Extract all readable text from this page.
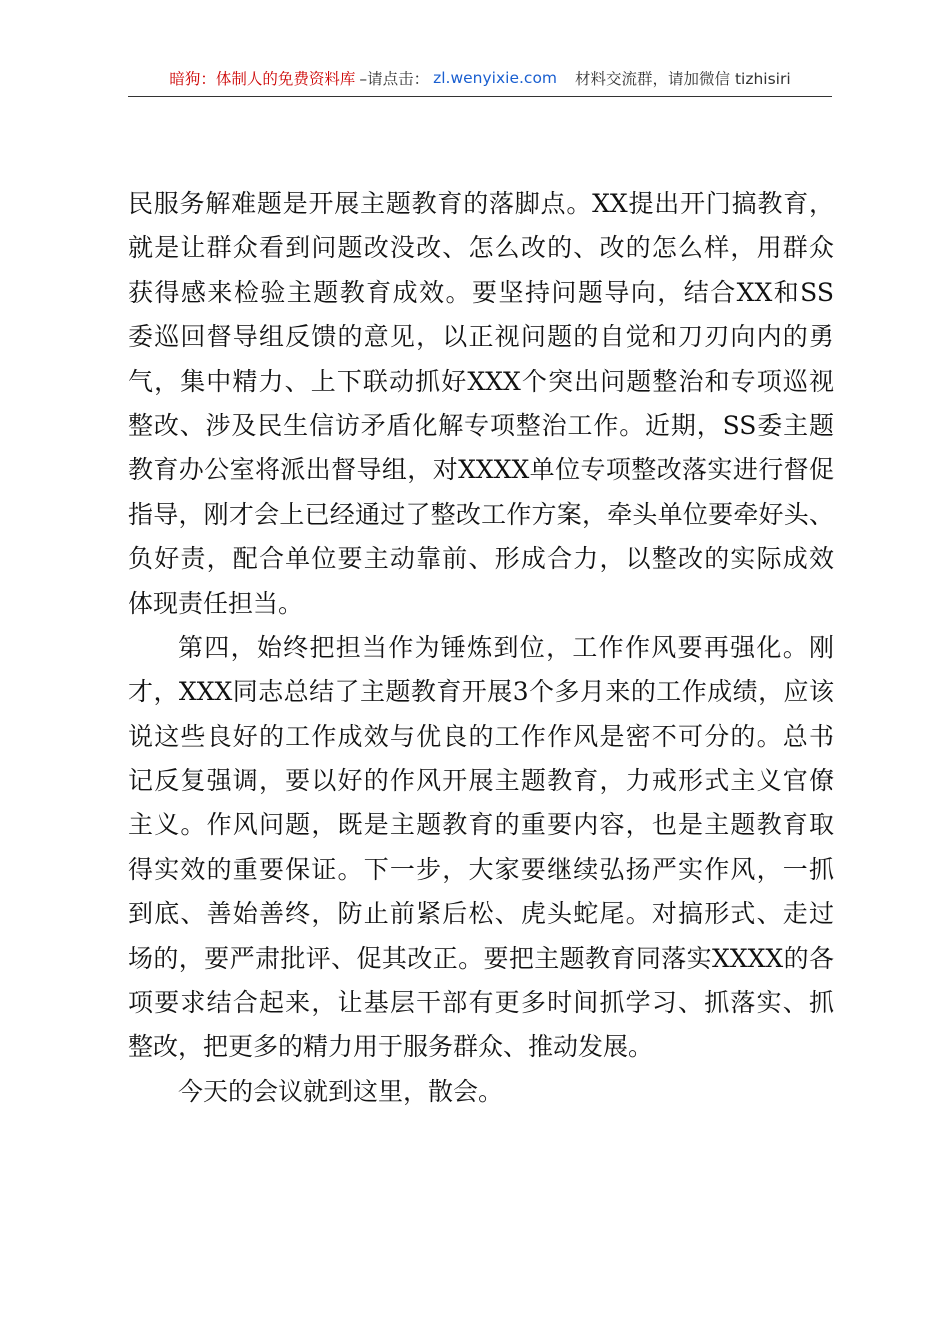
暗狗：体制人的免费资料库 –请点击： zl.wenyixie.com 材料交流群，请加微信 tizhisiri
民服务解难题是开展主题教育的落脚点。XX提出开门搞教育，
就是让群众看到问题改没改、怎么改的、改的怎么样，用群众
获得感来检验主题教育成效。要坚持问题导向，结合XX和SS
委巡回督导组反馈的意见，以正视问题的自觉和刀刃向内的勇
气，集中精力、上下联动抓好XXX个突出问题整治和专项巡视
整改、涉及民生信访矛盾化解专项整治工作。近期，SS委主题
教育办公室将派出督导组，对XXXX单位专项整改落实进行督促
指导，刚才会上已经通过了整改工作方案，牵头单位要牵好头、
负好责，配合单位要主动靠前、形成合力，以整改的实际成效
体现责任担当。
第四，始终把担当作为锤炼到位，工作作风要再强化。刚
才，XXX同志总结了主题教育开展3个多月来的工作成绩，应该
说这些良好的工作成效与优良的工作作风是密不可分的。总书
记反复强调，要以好的作风开展主题教育，力戒形式主义官僚
主义。作风问题，既是主题教育的重要内容，也是主题教育取
得实效的重要保证。下一步，大家要继续弘扬严实作风，一抓
到底、善始善终，防止前紧后松、虎头蛇尾。对搞形式、走过
场的，要严肃批评、促其改正。要把主题教育同落实XXXX的各
项要求结合起来，让基层干部有更多时间抓学习、抓落实、抓
整改，把更多的精力用于服务群众、推动发展。
今天的会议就到这里，散会。
